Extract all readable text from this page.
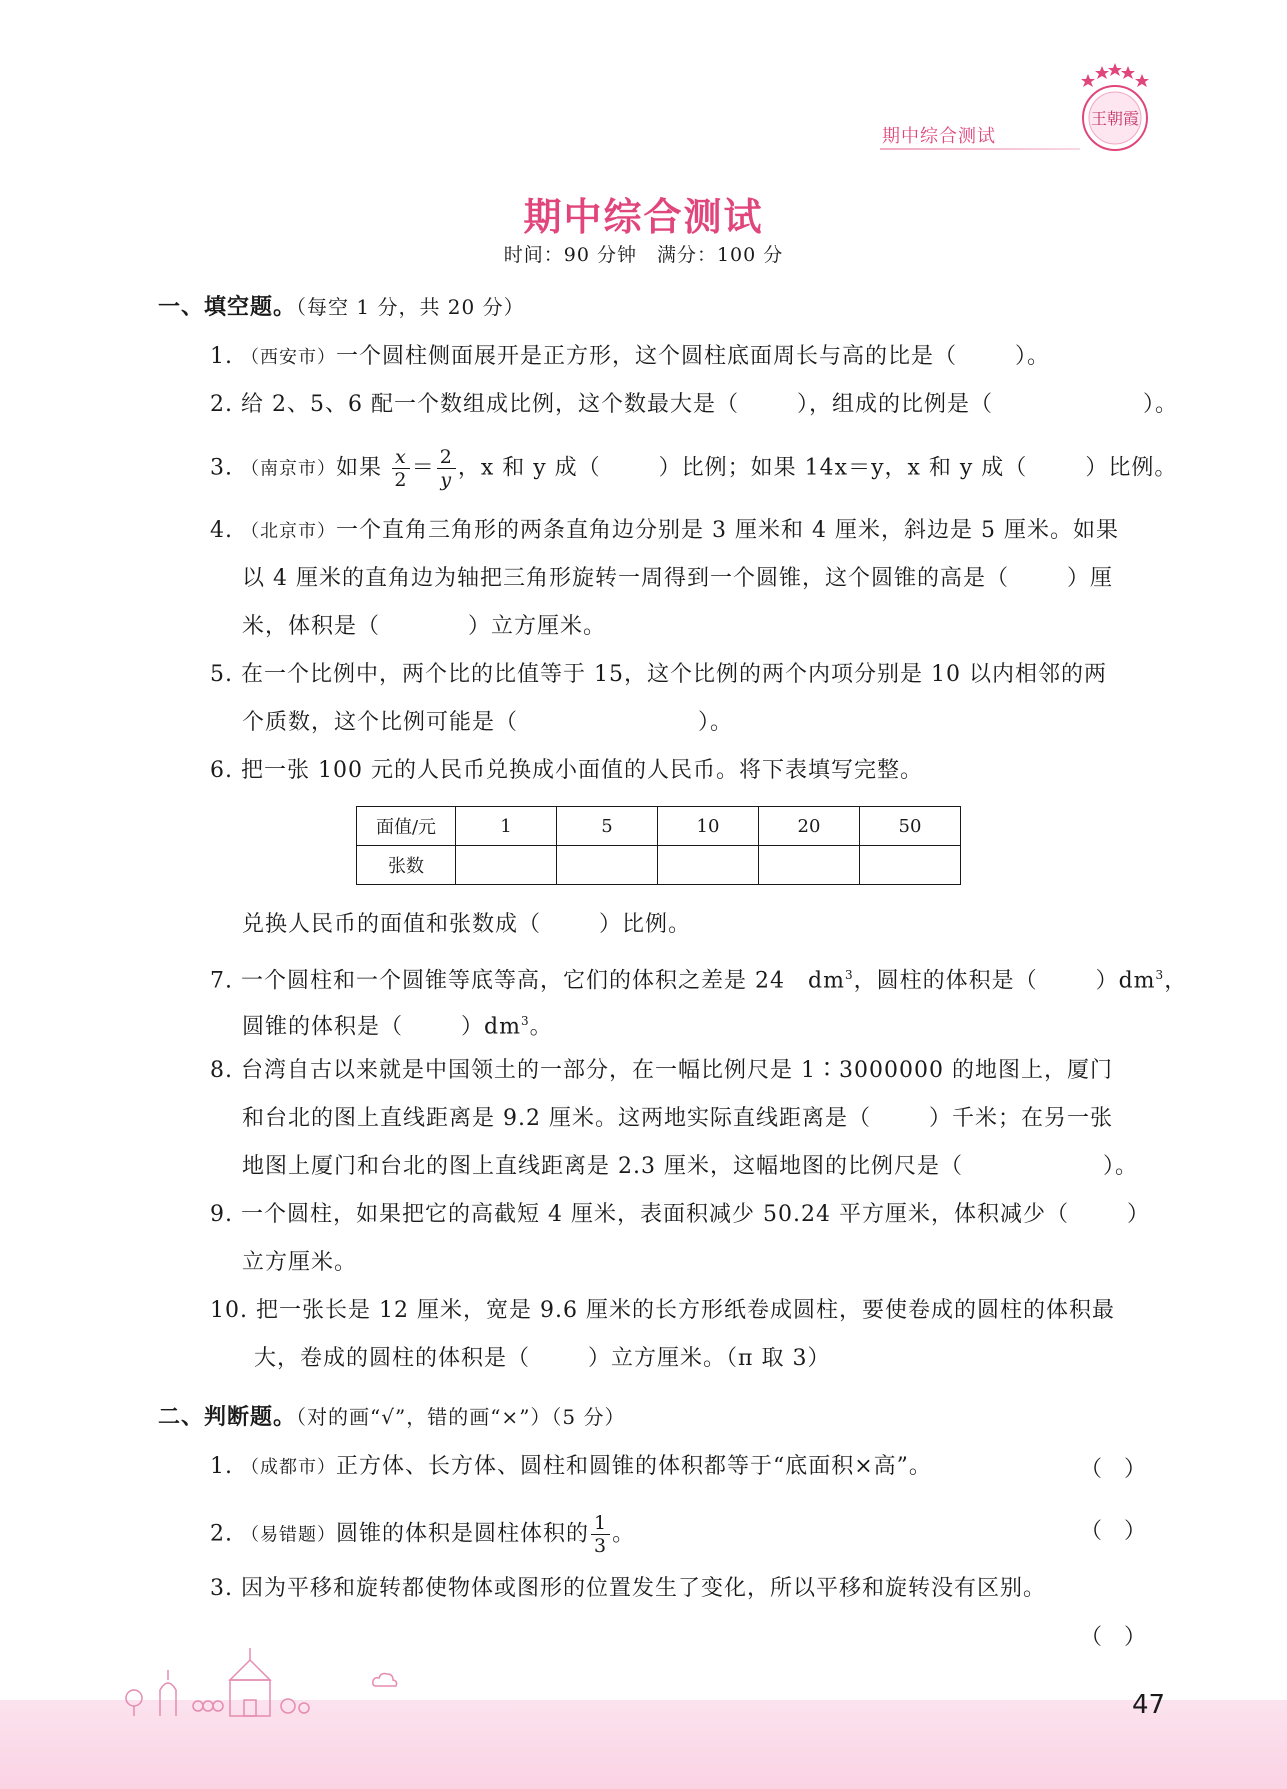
期中综合测试
王朝霞
期中综合测试
时间：90 分钟　满分：100 分
一、填空题。（每空 1 分，共 20 分）
1. （西安市）一个圆柱侧面展开是正方形，这个圆柱底面周长与高的比是（	）。
2. 给 2、5、6 配一个数组成比例，这个数最大是（	），组成的比例是（	）。
3. （南京市）如果 $\frac{x}{2} = \frac{2}{y}$ ，x 和 y 成（	）比例；如果 14x＝y，x 和 y 成（	）比例。
4. （北京市）一个直角三角形的两条直角边分别是 3 厘米和 4 厘米，斜边是 5 厘米。如果
以 4 厘米的直角边为轴把三角形旋转一周得到一个圆锥，这个圆锥的高是（	）厘
米，体积是（	）立方厘米。
5. 在一个比例中，两个比的比值等于 15，这个比例的两个内项分别是 10 以内相邻的两
个质数，这个比例可能是（	）。
6. 把一张 100 元的人民币兑换成小面值的人民币。将下表填写完整。
面值/元	1	5	10	20	50
张数					
兑换人民币的面值和张数成（	）比例。
7. 一个圆柱和一个圆锥等底等高，它们的体积之差是 24　$dm^3$，圆柱的体积是（	）$dm^3$，
圆锥的体积是（	）$dm^3$。
8. 台湾自古以来就是中国领土的一部分，在一幅比例尺是 1∶3000000 的地图上，厦门
和台北的图上直线距离是 9.2 厘米。这两地实际直线距离是（	）千米；在另一张
地图上厦门和台北的图上直线距离是 2.3 厘米，这幅地图的比例尺是（	）。
9. 一个圆柱，如果把它的高截短 4 厘米，表面积减少 50.24 平方厘米，体积减少（	）
立方厘米。
10. 把一张长是 12 厘米，宽是 9.6 厘米的长方形纸卷成圆柱，要使卷成的圆柱的体积最
大，卷成的圆柱的体积是（	）立方厘米。（π 取 3）
二、判断题。（对的画“√”，错的画“×”）（5 分）
1. （成都市）正方体、长方体、圆柱和圆锥的体积都等于“底面积×高”。	（ ）
2. （易错题）圆锥的体积是圆柱体积的 $\frac{1}{3}$ 。	（ ）
3. 因为平移和旋转都使物体或图形的位置发生了变化，所以平移和旋转没有区别。
（ ）
47
